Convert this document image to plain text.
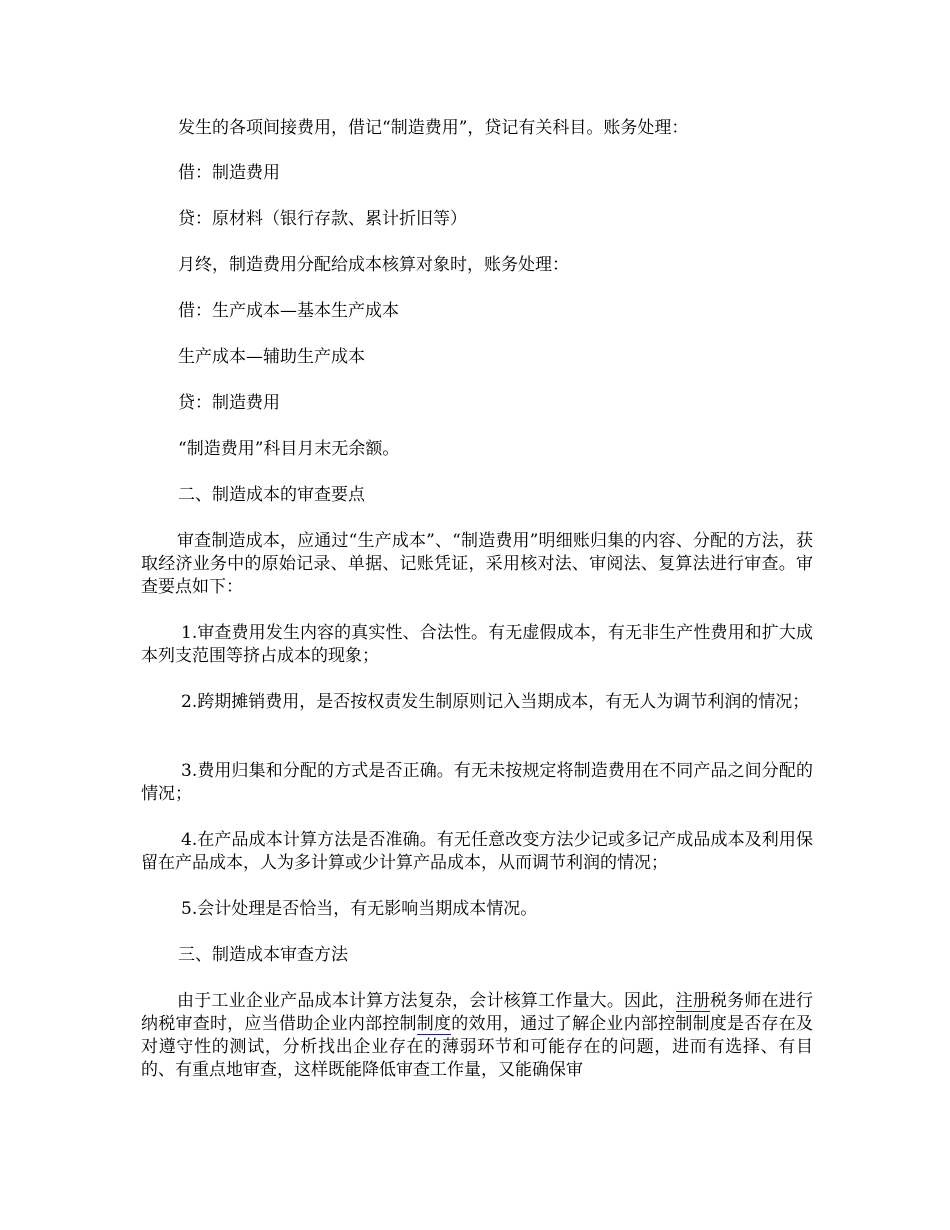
发生的各项间接费用，借记“制造费用”，贷记有关科目。账务处理：

借：制造费用

贷：原材料（银行存款、累计折旧等）

月终，制造费用分配给成本核算对象时，账务处理：

借：生产成本—基本生产成本

生产成本—辅助生产成本

贷：制造费用

“制造费用”科目月末无余额。

二、制造成本的审查要点

审查制造成本，应通过“生产成本”、“制造费用”明细账归集的内容、分配的方法，获取经济业务中的原始记录、单据、记账凭证，采用核对法、审阅法、复算法进行审查。审查要点如下：

1.审查费用发生内容的真实性、合法性。有无虚假成本，有无非生产性费用和扩大成本列支范围等挤占成本的现象；

2.跨期摊销费用，是否按权责发生制原则记入当期成本，有无人为调节利润的情况；

3.费用归集和分配的方式是否正确。有无未按规定将制造费用在不同产品之间分配的情况；

4.在产品成本计算方法是否准确。有无任意改变方法少记或多记产成品成本及利用保留在产品成本，人为多计算或少计算产品成本，从而调节利润的情况；

5.会计处理是否恰当，有无影响当期成本情况。

三、制造成本审查方法

由于工业企业产品成本计算方法复杂，会计核算工作量大。因此，注册税务师在进行纳税审查时，应当借助企业内部控制制度的效用，通过了解企业内部控制制度是否存在及对遵守性的测试，分析找出企业存在的薄弱环节和可能存在的问题，进而有选择、有目的、有重点地审查，这样既能降低审查工作量，又能确保审
